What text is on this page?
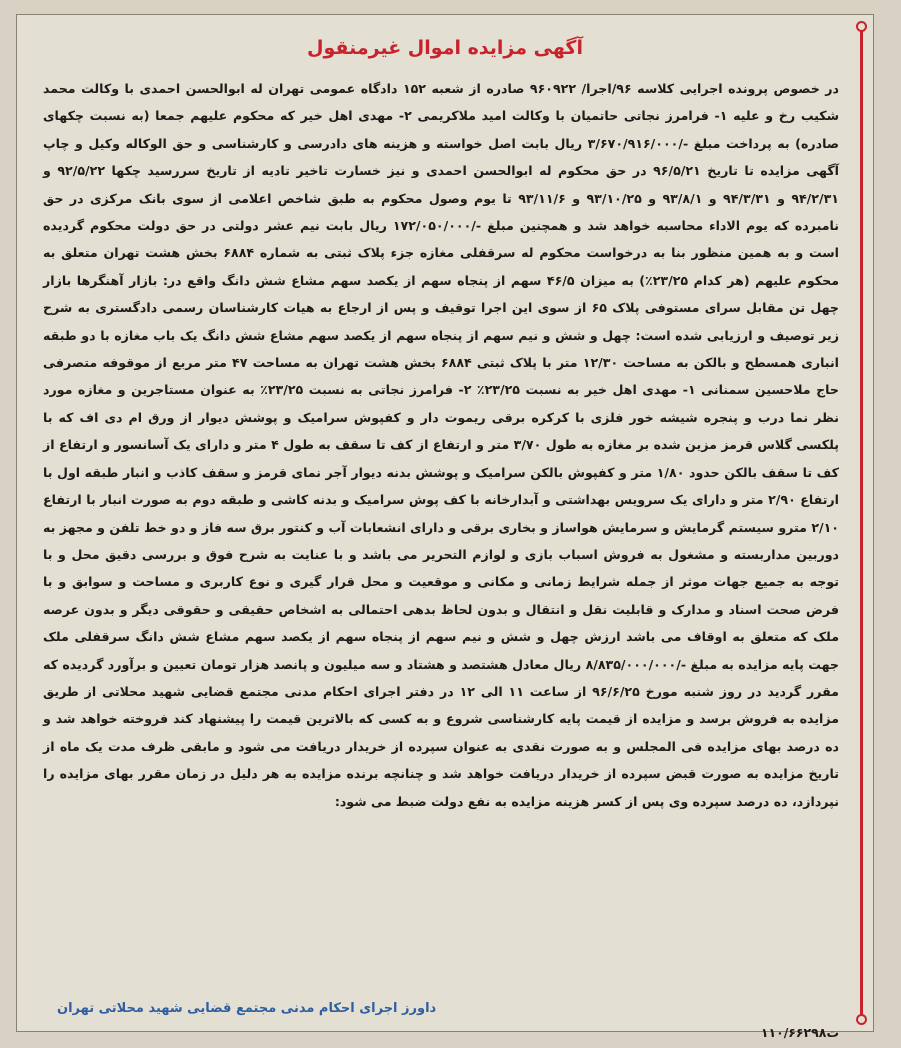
آگهی مزایده اموال غیرمنقول
در خصوص پرونده اجرایی کلاسه ۹۶/اجرا/ ۹۶۰۹۲۲ صادره از شعبه ۱۵۲ دادگاه عمومی تهران له ابوالحسن احمدی با وکالت محمد شکیب رخ و علیه ۱- فرامرز نجاتی حاتمیان با وکالت امید ملاکریمی ۲- مهدی اهل خیر که محکوم علیهم جمعا (به نسبت چکهای صادره) به پرداخت مبلغ -/۳/۶۷۰/۹۱۶/۰۰۰ ریال بابت اصل خواسته و هزینه های دادرسی و کارشناسی و حق الوکاله وکیل و چاپ آگهی مزایده تا تاریخ ۹۶/۵/۲۱ در حق محکوم له ابوالحسن احمدی و نیز خسارت تاخیر تادیه از تاریخ سررسید چکها ۹۲/۵/۲۲ و ۹۴/۲/۳۱ و ۹۴/۳/۳۱ و ۹۳/۸/۱ و ۹۳/۱۰/۲۵ و ۹۳/۱۱/۶ تا یوم وصول محکوم به طبق شاخص اعلامی از سوی بانک مرکزی در حق نامبرده که یوم الاداء محاسبه خواهد شد و همچنین مبلغ -/۱۷۲/۰۵۰/۰۰۰ ریال بابت نیم عشر دولتی در حق دولت محکوم گردیده است و به همین منظور بنا به درخواست محکوم له سرقفلی مغازه جزء پلاک ثبتی به شماره ۶۸۸۴ بخش هشت تهران متعلق به محکوم علیهم (هر کدام ۲۳/۲۵٪) به میزان ۴۶/۵ سهم از پنجاه سهم از یکصد سهم مشاع شش دانگ واقع در: بازار آهنگرها بازار چهل تن مقابل سرای مستوفی پلاک ۶۵ از سوی این اجرا توقیف و پس از ارجاع به هیات کارشناسان رسمی دادگستری به شرح زیر توصیف و ارزیابی شده است: چهل و شش و نیم سهم از پنجاه سهم از یکصد سهم مشاع شش دانگ یک باب مغازه با دو طبقه انباری همسطح و بالکن به مساحت ۱۲/۳۰ متر با پلاک ثبتی ۶۸۸۴ بخش هشت تهران به مساحت ۴۷ متر مربع از موقوفه متصرفی حاج ملاحسین سمنانی ۱- مهدی اهل خیر به نسبت ۲۳/۲۵٪ ۲- فرامرز نجاتی به نسبت ۲۳/۲۵٪ به عنوان مستاجرین و مغازه مورد نظر نما درب و پنجره شیشه خور فلزی با کرکره برقی ریموت دار و کفپوش سرامیک و پوشش دیوار از ورق ام دی اف که با پلکسی گلاس قرمز مزین شده بر مغازه به طول ۳/۷۰ متر و ارتفاع از کف تا سقف به طول ۴ متر و دارای یک آسانسور و ارتفاع از کف تا سقف بالکن حدود ۱/۸۰ متر و کفپوش بالکن سرامیک و پوشش بدنه دیوار آجر نمای قرمز و سقف کاذب و انبار طبقه اول با ارتفاع ۲/۹۰ متر و دارای یک سرویس بهداشتی و آبدارخانه با کف پوش سرامیک و بدنه کاشی و طبقه دوم به صورت انبار با ارتفاع ۲/۱۰ مترو سیستم گرمایش و سرمایش هواساز و بخاری برقی و دارای انشعابات آب و کنتور برق سه فاز و دو خط تلفن و مجهز به دوربین مداربسته و مشغول به فروش اسباب بازی و لوازم التحریر می باشد و با عنایت به شرح فوق و بررسی دقیق محل و با توجه به جمیع جهات موثر از جمله شرایط زمانی و مکانی و موقعیت و محل قرار گیری و نوع کاربری و مساحت و سوابق و با فرض صحت اسناد و مدارک و قابلیت نقل و انتقال و بدون لحاظ بدهی احتمالی به اشخاص حقیقی و حقوقی دیگر و بدون عرصه ملک که متعلق به اوقاف می باشد ارزش چهل و شش و نیم سهم از پنجاه سهم از یکصد سهم مشاع شش دانگ سرقفلی ملک جهت پایه مزایده به مبلغ -/۸/۸۳۵/۰۰۰/۰۰۰ ریال معادل هشتصد و هشتاد و سه میلیون و پانصد هزار تومان تعیین و برآورد گردیده که مقرر گردید در روز شنبه مورخ ۹۶/۶/۲۵ از ساعت ۱۱ الی ۱۲ در دفتر اجرای احکام مدنی مجتمع قضایی شهید محلاتی از طریق مزایده به فروش برسد و مزایده از قیمت پایه کارشناسی شروع و به کسی که بالاترین قیمت را پیشنهاد کند فروخته خواهد شد و ده درصد بهای مزایده فی المجلس و به صورت نقدی به عنوان سپرده از خریدار دریافت می شود و مابقی ظرف مدت یک ماه از تاریخ مزایده به صورت قبض سپرده از خریدار دریافت خواهد شد و چنانچه برنده مزایده به هر دلیل در زمان مقرر بهای مزایده را نپردازد، ده درصد سپرده وی پس از کسر هزینه مزایده به نفع دولت ضبط می شود:
داورز اجرای احکام مدنی مجتمع قضایی شهید محلاتی تهران
۱۱۰/۶۶۲۹۸ت
